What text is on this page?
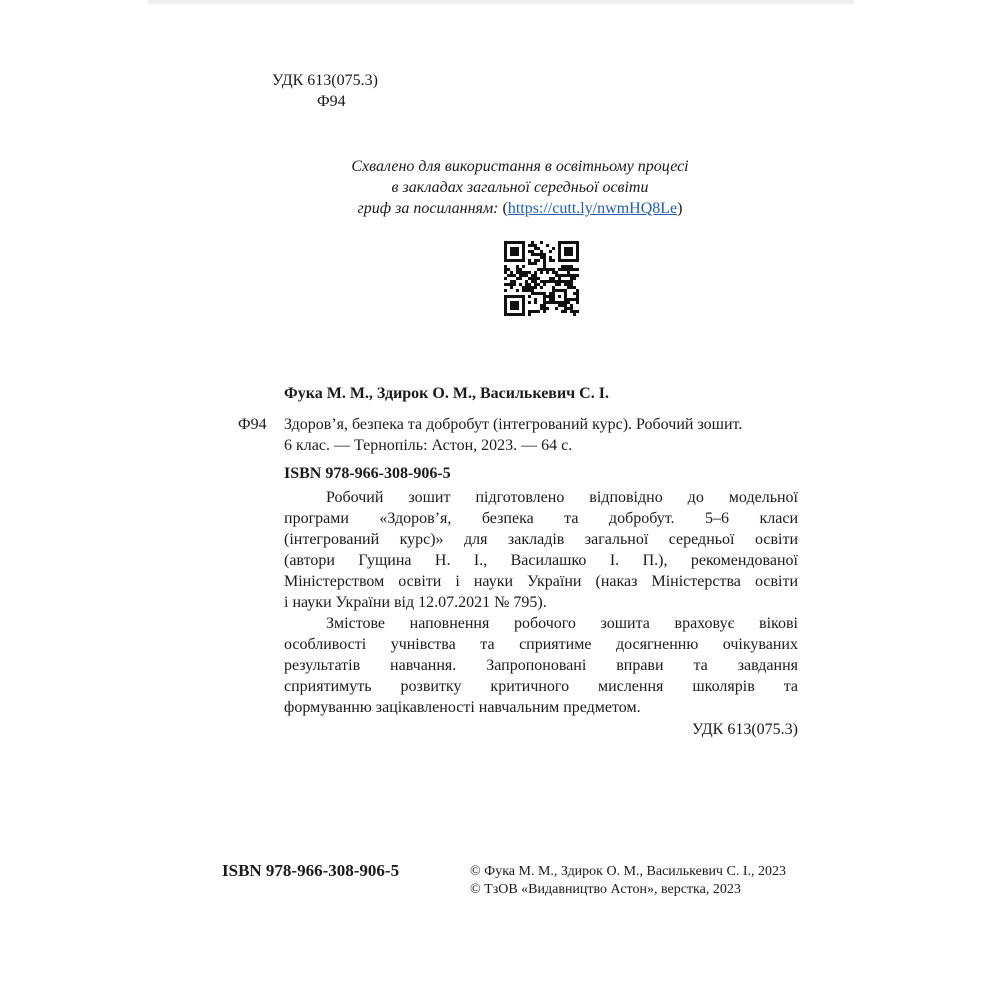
УДК 613(075.3)
Ф94
Схвалено для використання в освітньому процесі
в закладах загальної середньої освіти
гриф за посиланням: (https://cutt.ly/nwmHQ8Le)
Фука М. М., Здирок О. М., Василькевич С. І.
Ф94 Здоров’я, безпека та добробут (інтегрований курс). Робочий зошит.
6 клас. — Тернопіль: Астон, 2023. — 64 с.
ISBN 978-966-308-906-5
Робочий зошит підготовлено відповідно до модельної
програми «Здоров’я, безпека та добробут. 5–6 класи
(інтегрований курс)» для закладів загальної середньої освіти
(автори Гущина Н. І., Василашко І. П.), рекомендованої
Міністерством освіти і науки України (наказ Міністерства освіти
і науки України від 12.07.2021 № 795).
Змістове наповнення робочого зошита враховує вікові
особливості учнівства та сприятиме досягненню очікуваних
результатів навчання. Запропоновані вправи та завдання
сприятимуть розвитку критичного мислення школярів та
формуванню зацікавленості навчальним предметом.
УДК 613(075.3)
ISBN 978-966-308-906-5	© Фука М. М., Здирок О. М., Василькевич С. І., 2023
© ТзОВ «Видавництво Астон», верстка, 2023
